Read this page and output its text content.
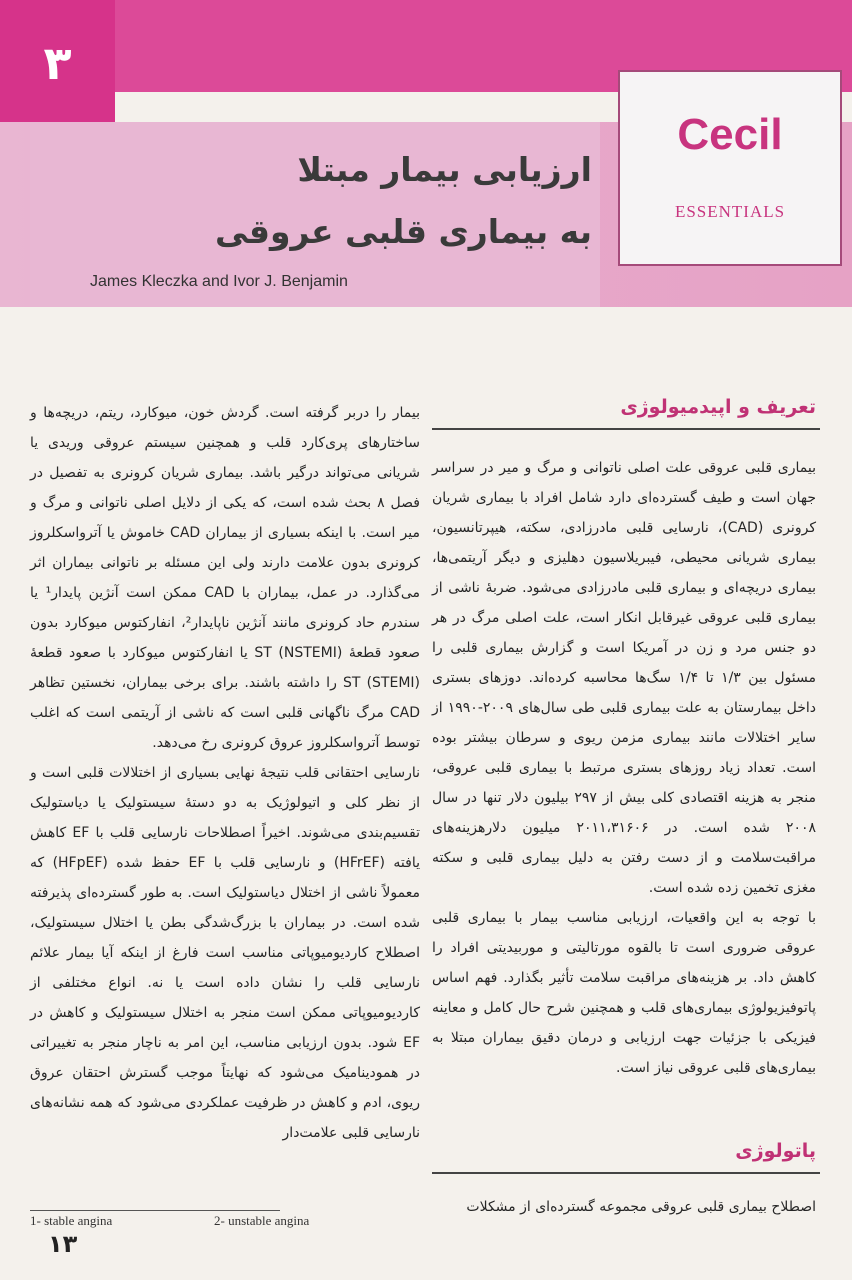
۳
Cecil
ESSENTIALS
ارزیابی بیمار مبتلا
به بیماری قلبی عروقی
James Kleczka and Ivor J. Benjamin
تعریف و اپیدمیولوژی

بیماری قلبی عروقی علت اصلی ناتوانی و مرگ و میر در سراسر جهان است و طیف گسترده‌ای دارد شامل افراد با بیماری شریان کرونری (CAD)، نارسایی قلبی مادرزادی، سکته، هیپرتانسیون، بیماری شریانی محیطی، فیبریلاسیون دهلیزی و دیگر آریتمی‌ها، بیماری دریچه‌ای و بیماری قلبی مادرزادی می‌شود. ضربهٔ ناشی از بیماری قلبی عروقی غیرقابل انکار است، علت اصلی مرگ در هر دو جنس مرد و زن در آمریکا است و گزارش بیماری قلبی را مسئول بین ۱/۳ تا ۱/۴ سگ‌ها محاسبه کرده‌اند. دوزهای بستری داخل بیمارستان به علت بیماری قلبی طی سال‌های ۲۰۰۹-۱۹۹۰ از سایر اختلالات مانند بیماری مزمن ریوی و سرطان بیشتر بوده است. تعداد زیاد روزهای بستری مرتبط با بیماری قلبی عروقی، منجر به هزینه اقتصادی کلی بیش از ۲۹۷ بیلیون دلار تنها در سال ۲۰۰۸ شده است. در ۲۰۱۱،۳۱۶۰۶ میلیون دلارهزینه‌های مراقبت‌سلامت و از دست رفتن به دلیل بیماری قلبی و سکته مغزی تخمین زده شده است.

با توجه به این واقعیات، ارزیابی مناسب بیمار با بیماری قلبی عروقی ضروری است تا بالقوه مورتالیتی و موربیدیتی افراد را کاهش داد. بر هزینه‌های مراقبت سلامت تأثیر بگذارد. فهم اساس پاتوفیزیولوژی بیماری‌های قلب و همچنین شرح حال کامل و معاینه فیزیکی با جزئیات جهت ارزیابی و درمان دقیق بیماران مبتلا به بیماری‌های قلبی عروقی نیاز است.

پاتولوژی

اصطلاح بیماری قلبی عروقی مجموعه گسترده‌ای از مشکلات

بیمار را دربر گرفته است. گردش خون، میوکارد، ریتم، دریچه‌ها و ساختارهای پری‌کارد قلب و همچنین سیستم عروقی وریدی یا شریانی می‌تواند درگیر باشد. بیماری شریان کرونری به تفصیل در فصل ۸ بحث شده است، که یکی از دلایل اصلی ناتوانی و مرگ و میر است. با اینکه بسیاری از بیماران CAD خاموش یا آترواسکلروز کرونری بدون علامت دارند ولی این مسئله بر ناتوانی بیماران اثر می‌گذارد. در عمل، بیماران با CAD ممکن است آنژین پایدار¹ یا سندرم حاد کرونری مانند آنژین ناپایدار²، انفارکتوس میوکارد بدون صعود قطعهٔ ST (NSTEMI) یا انفارکتوس میوکارد با صعود قطعهٔ ST (STEMI) را داشته باشند. برای برخی بیماران، نخستین تظاهر CAD مرگ ناگهانی قلبی است که ناشی از آریتمی است که اغلب توسط آترواسکلروز عروق کرونری رخ می‌دهد.

نارسایی احتقانی قلب نتیجهٔ نهایی بسیاری از اختلالات قلبی است و از نظر کلی و اتیولوژیک به دو دستهٔ سیستولیک یا دیاستولیک تقسیم‌بندی می‌شوند. اخیراً اصطلاحات نارسایی قلب با EF کاهش یافته (HFrEF) و نارسایی قلب با EF حفظ شده (HFpEF) که معمولاً ناشی از اختلال دیاستولیک است. به طور گسترده‌ای پذیرفته شده است. در بیماران با بزرگ‌شدگی بطن یا اختلال سیستولیک، اصطلاح کاردیومیوپاتی مناسب است فارغ از اینکه آیا بیمار علائم نارسایی قلب را نشان داده است یا نه. انواع مختلفی از کاردیومیوپاتی ممکن است منجر به اختلال سیستولیک و کاهش در EF شود. بدون ارزیابی مناسب، این امر به ناچار منجر به تغییراتی در همودینامیک می‌شود که نهایتاً موجب گسترش احتقان عروق ریوی، ادم و کاهش در ظرفیت عملکردی می‌شود که همه نشانه‌های نارسایی قلبی علامت‌دار

1- stable angina	2- unstable angina
۱۳
